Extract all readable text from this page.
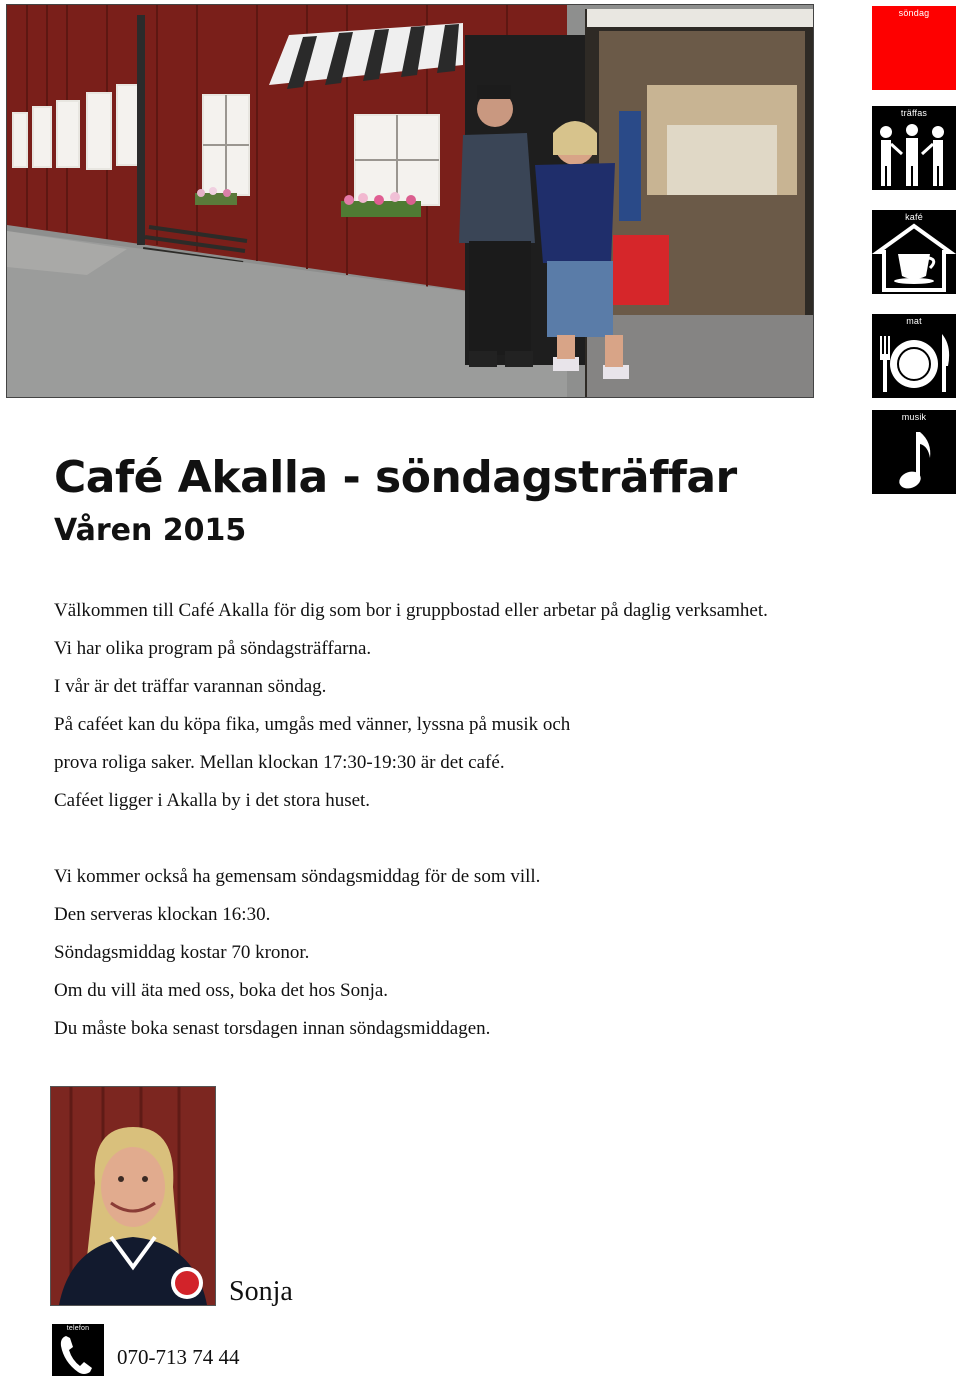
söndag
träffas
kafé
mat
musik
Café Akalla - söndagsträffar
Våren 2015

Välkommen till Café Akalla för dig som bor i gruppbostad eller arbetar på daglig verksamhet.

Vi har olika program på söndagsträffarna.

I vår är det träffar varannan söndag.

På caféet kan du köpa fika, umgås med vänner, lyssna på musik och

prova roliga saker. Mellan klockan 17:30-19:30 är det café.

Caféet ligger i Akalla by i det stora huset.

Vi kommer också ha gemensam söndagsmiddag för de som vill.

Den serveras klockan 16:30.

Söndagsmiddag kostar 70 kronor.

Om du vill äta med oss, boka det hos Sonja.

Du måste boka senast torsdagen innan söndagsmiddagen.

Sonja
telefon
070-713 74 44
